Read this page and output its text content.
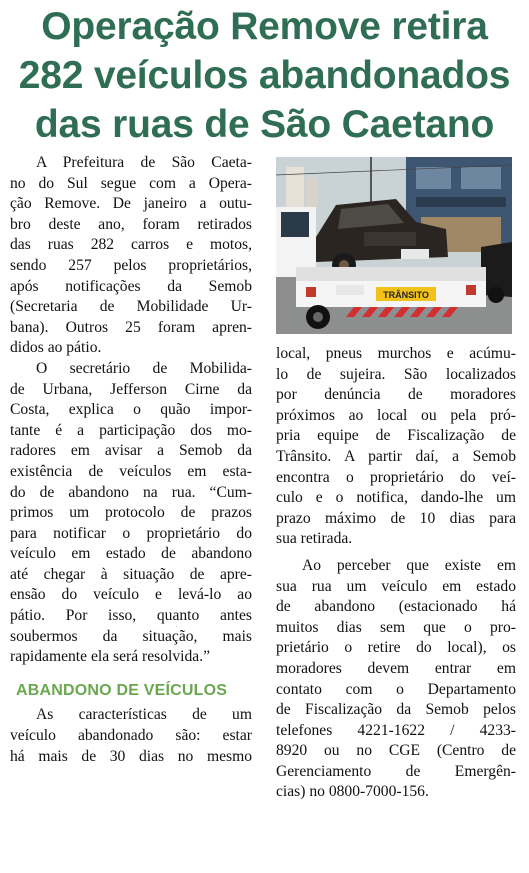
Operação Remove retira
282 veículos abandonados
das ruas de São Caetano
A Prefeitura de São Caeta-
no do Sul segue com a Opera-
ção Remove. De janeiro a outu-
bro deste ano, foram retirados
das ruas 282 carros e motos,
sendo 257 pelos proprietários,
após notificações da Semob
(Secretaria de Mobilidade Ur-
bana). Outros 25 foram apren-
didos ao pátio.
O secretário de Mobilida-
de Urbana, Jefferson Cirne da
Costa, explica o quão impor-
tante é a participação dos mo-
radores em avisar a Semob da
existência de veículos em esta-
do de abandono na rua. “Cum-
primos um protocolo de prazos
para notificar o proprietário do
veículo em estado de abandono
até chegar à situação de apre-
ensão do veículo e levá-lo ao
pátio. Por isso, quanto antes
soubermos da situação, mais
rapidamente ela será resolvida.”
ABANDONO DE VEÍCULOS
As características de um
veículo abandonado são: estar
há mais de 30 dias no mesmo
TRÂNSITO
local, pneus murchos e acúmu-
lo de sujeira. São localizados
por denúncia de moradores
próximos ao local ou pela pró-
pria equipe de Fiscalização de
Trânsito. A partir daí, a Semob
encontra o proprietário do veí-
culo e o notifica, dando-lhe um
prazo máximo de 10 dias para
sua retirada.
Ao perceber que existe em
sua rua um veículo em estado
de abandono (estacionado há
muitos dias sem que o pro-
prietário o retire do local), os
moradores devem entrar em
contato com o Departamento
de Fiscalização da Semob pelos
telefones 4221-1622 / 4233-
8920 ou no CGE (Centro de
Gerenciamento de Emergên-
cias) no 0800-7000-156.
